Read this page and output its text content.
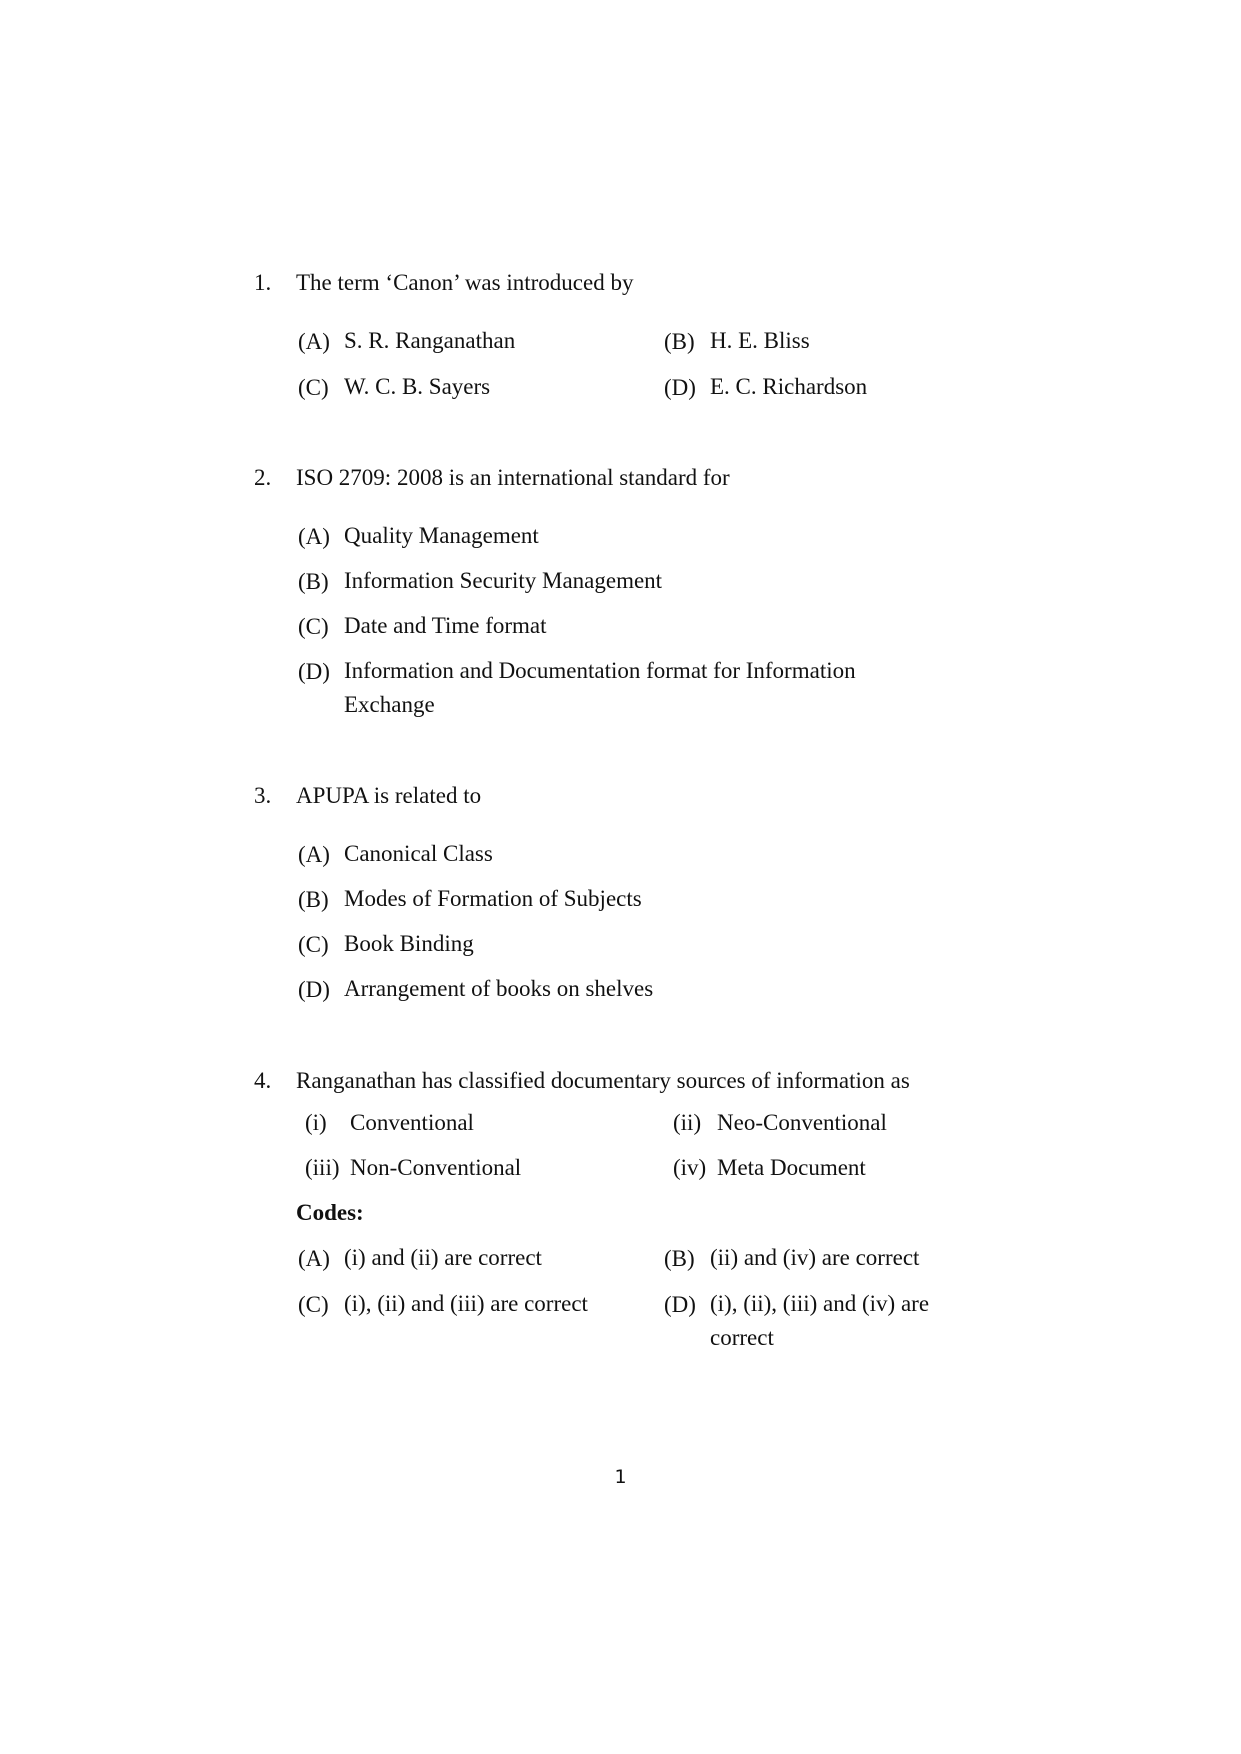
1. The term ‘Canon’ was introduced by
(A) S. R. Ranganathan	(B) H. E. Bliss
(C) W. C. B. Sayers	(D) E. C. Richardson
2. ISO 2709: 2008 is an international standard for
(A) Quality Management
(B) Information Security Management
(C) Date and Time format
(D) Information and Documentation format for Information
Exchange
3. APUPA is related to
(A) Canonical Class
(B) Modes of Formation of Subjects
(C) Book Binding
(D) Arrangement of books on shelves
4. Ranganathan has classified documentary sources of information as
(i) Conventional	(ii) Neo-Conventional
(iii) Non-Conventional	(iv) Meta Document
Codes:
(A) (i) and (ii) are correct	(B) (ii) and (iv) are correct
(C) (i), (ii) and (iii) are correct	(D) (i), (ii), (iii) and (iv) are
correct
1
